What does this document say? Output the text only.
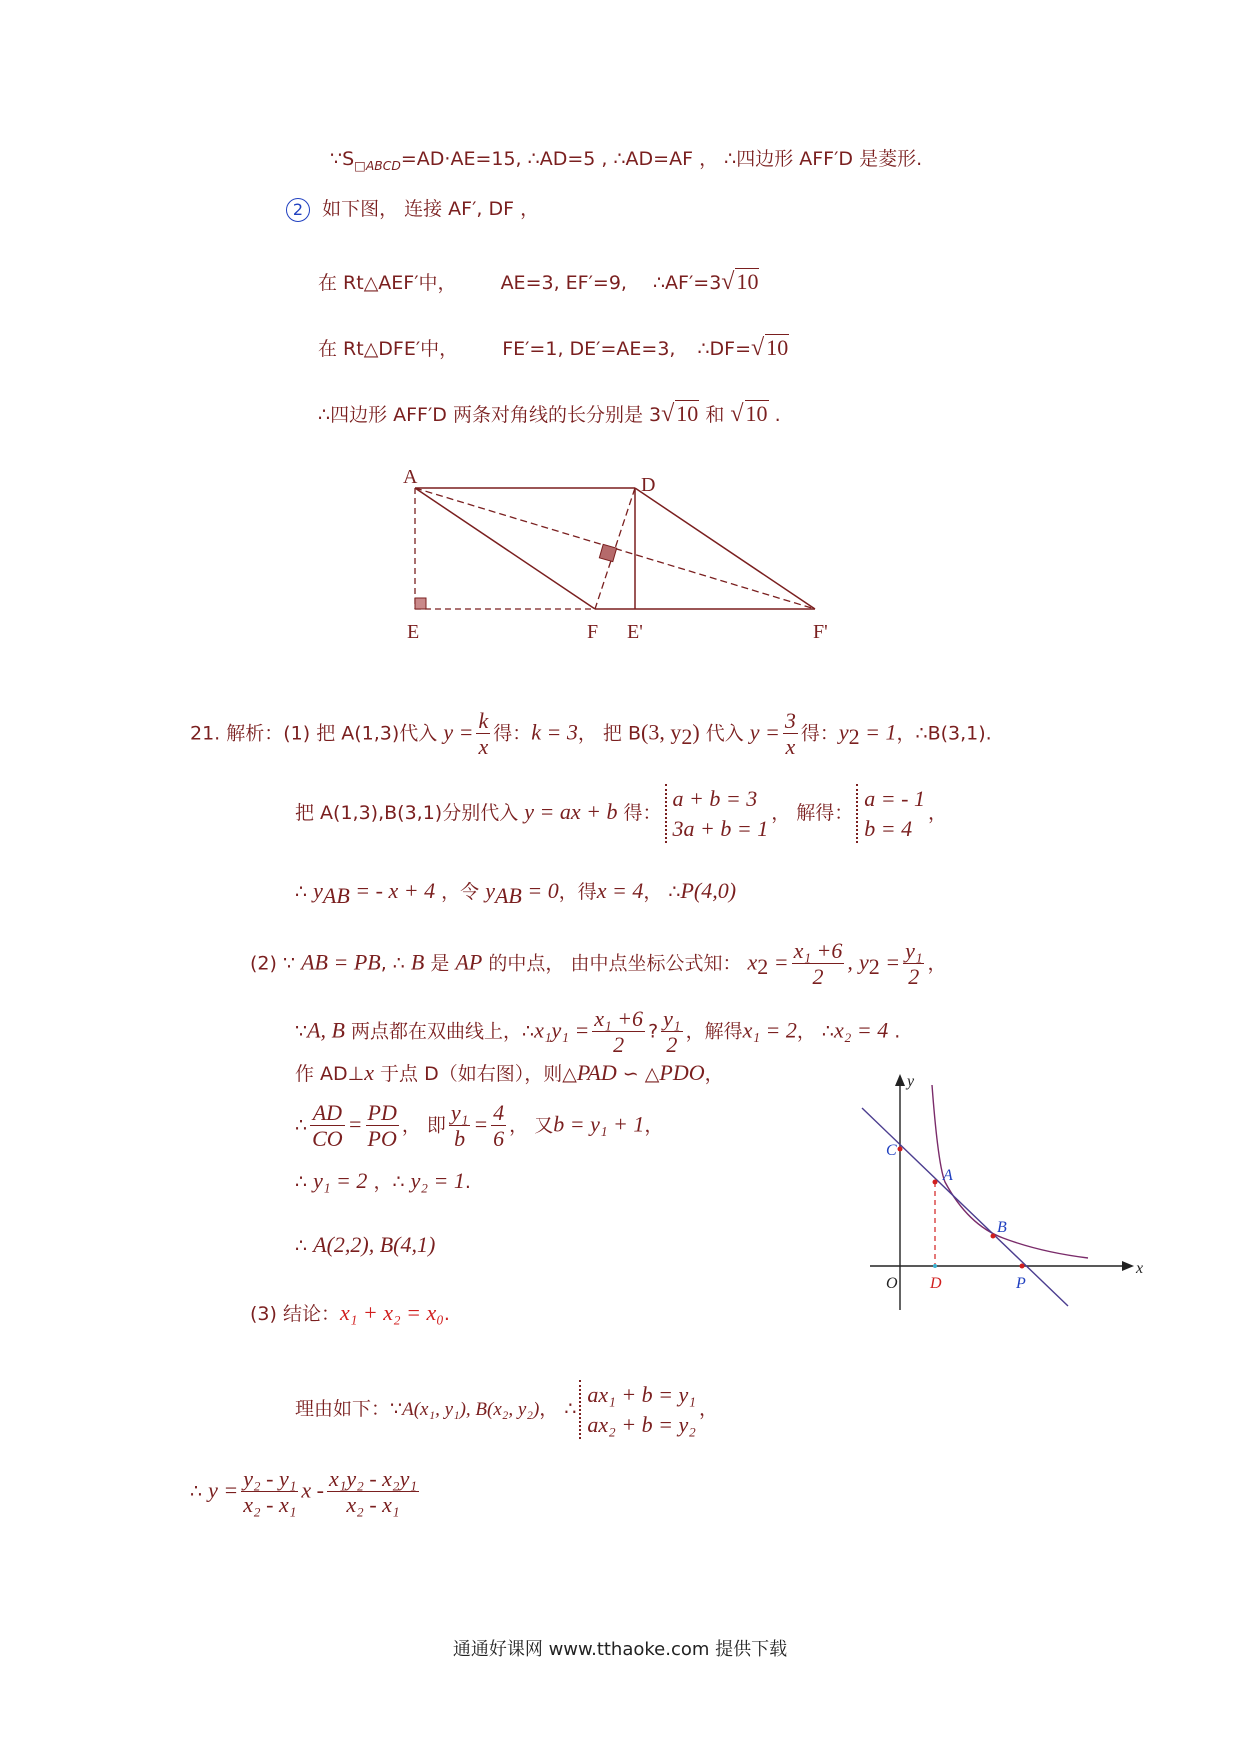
$\because S_{□ABCD}=AD\cdot AE=15$, ∴AD=5 , ∴AD=AF ， ∴四边形 AFF′D 是菱形.
2 如下图， 连接 AF′, DF ，
在 Rt△AEF′中， AE=3, EF′=9, ∴AF′=3√10
在 Rt△DFE′中， FE′=1, DE′=AE=3, ∴DF=√10
∴四边形 AFF′D 两条对角线的长分别是 3√10 和 √10 .
A	D
E	F E'	F'
21. 解析：(1) 把 A(1,3)代入 $y = \frac{k}{x}$ 得：k = 3， 把 B(3, $y_2$) 代入 $y = \frac{3}{x}$ 得：$y_2 = 1$，∴B(3,1).
把 A(1,3),B(3,1)分别代入 y = ax + b 得：
a + b = 3
3a + b = 1
， 解得：
a = - 1
b = 4
，
∴ $y_{AB}$ = - x + 4 ，令 $y_{AB} = 0$，得x = 4， ∴P(4,0)
(2) ∵ AB = PB, ∴ B 是 AP 的中点， 由中点坐标公式知： $x_2 = \frac{\text{x₁ +6}}{2}$ , $y_2 = \frac{\text{y₁}}{2}$ ，
∵A, B 两点都在双曲线上，∴x₁y₁ = $\frac{\text{x₁ +6}}{2}$ ? $\frac{\text{y₁}}{2}$ ，解得x₁ = 2， ∴x₂ = 4 .
作 AD⊥x 于点 D（如右图），则△PAD ∽ △PDO，
∴ $\frac{AD}{CO} = \frac{PD}{PO}$ ， 即 $\frac{\text{y₁}}{b} = \frac{4}{6}$ ， 又b = y₁ + 1，
∴ y₁ = 2 ，∴ y₂ = 1.
∴ A(2,2), B(4,1)
(3) 结论：x₁ + x₂ = x₀.
理由如下：∵A(x₁, y₁), B(x₂, y₂)， ∴
ax₁ + b = y₁
ax₂ + b = y₂
，
∴ $y = \frac{\text{y₂ - y₁}}{\text{x₂ - x₁}}$ x - $\frac{\text{x₁y₂ - x₂y₁}}{\text{x₂ - x₁}}$
y
x
C
A
B
O D	P
通通好课网 www.tthaoke.com 提供下载
